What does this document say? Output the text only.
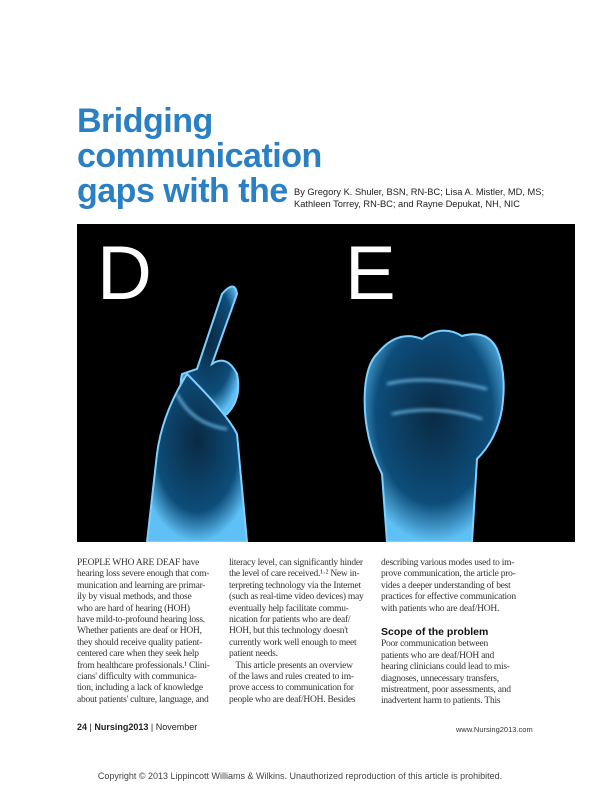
Bridging
communication
gaps with the By Gregory K. Shuler, BSN, RN-BC; Lisa A. Mistler, MD, MS;
Kathleen Torrey, RN-BC; and Rayne Depukat, NH, NIC
D	E
PEOPLE WHO ARE DEAF have
hearing loss severe enough that com-
munication and learning are primar-
ily by visual methods, and those
who are hard of hearing (HOH)
have mild-to-profound hearing loss.
Whether patients are deaf or HOH,
they should receive quality patient-
centered care when they seek help
from healthcare professionals.¹ Clini-
cians' difficulty with communica-
tion, including a lack of knowledge
about patients' culture, language, and
literacy level, can significantly hinder
the level of care received.¹·² New in-
terpreting technology via the Internet
(such as real-time video devices) may
eventually help facilitate commu-
nication for patients who are deaf/
HOH, but this technology doesn't
currently work well enough to meet
patient needs.
This article presents an overview
of the laws and rules created to im-
prove access to communication for
people who are deaf/HOH. Besides
describing various modes used to im-
prove communication, the article pro-
vides a deeper understanding of best
practices for effective communication
with patients who are deaf/HOH.
Scope of the problem
Poor communication between
patients who are deaf/HOH and
hearing clinicians could lead to mis-
diagnoses, unnecessary transfers,
mistreatment, poor assessments, and
inadvertent harm to patients. This
24 | Nursing2013 | November	www.Nursing2013.com
Copyright © 2013 Lippincott Williams & Wilkins. Unauthorized reproduction of this article is prohibited.
